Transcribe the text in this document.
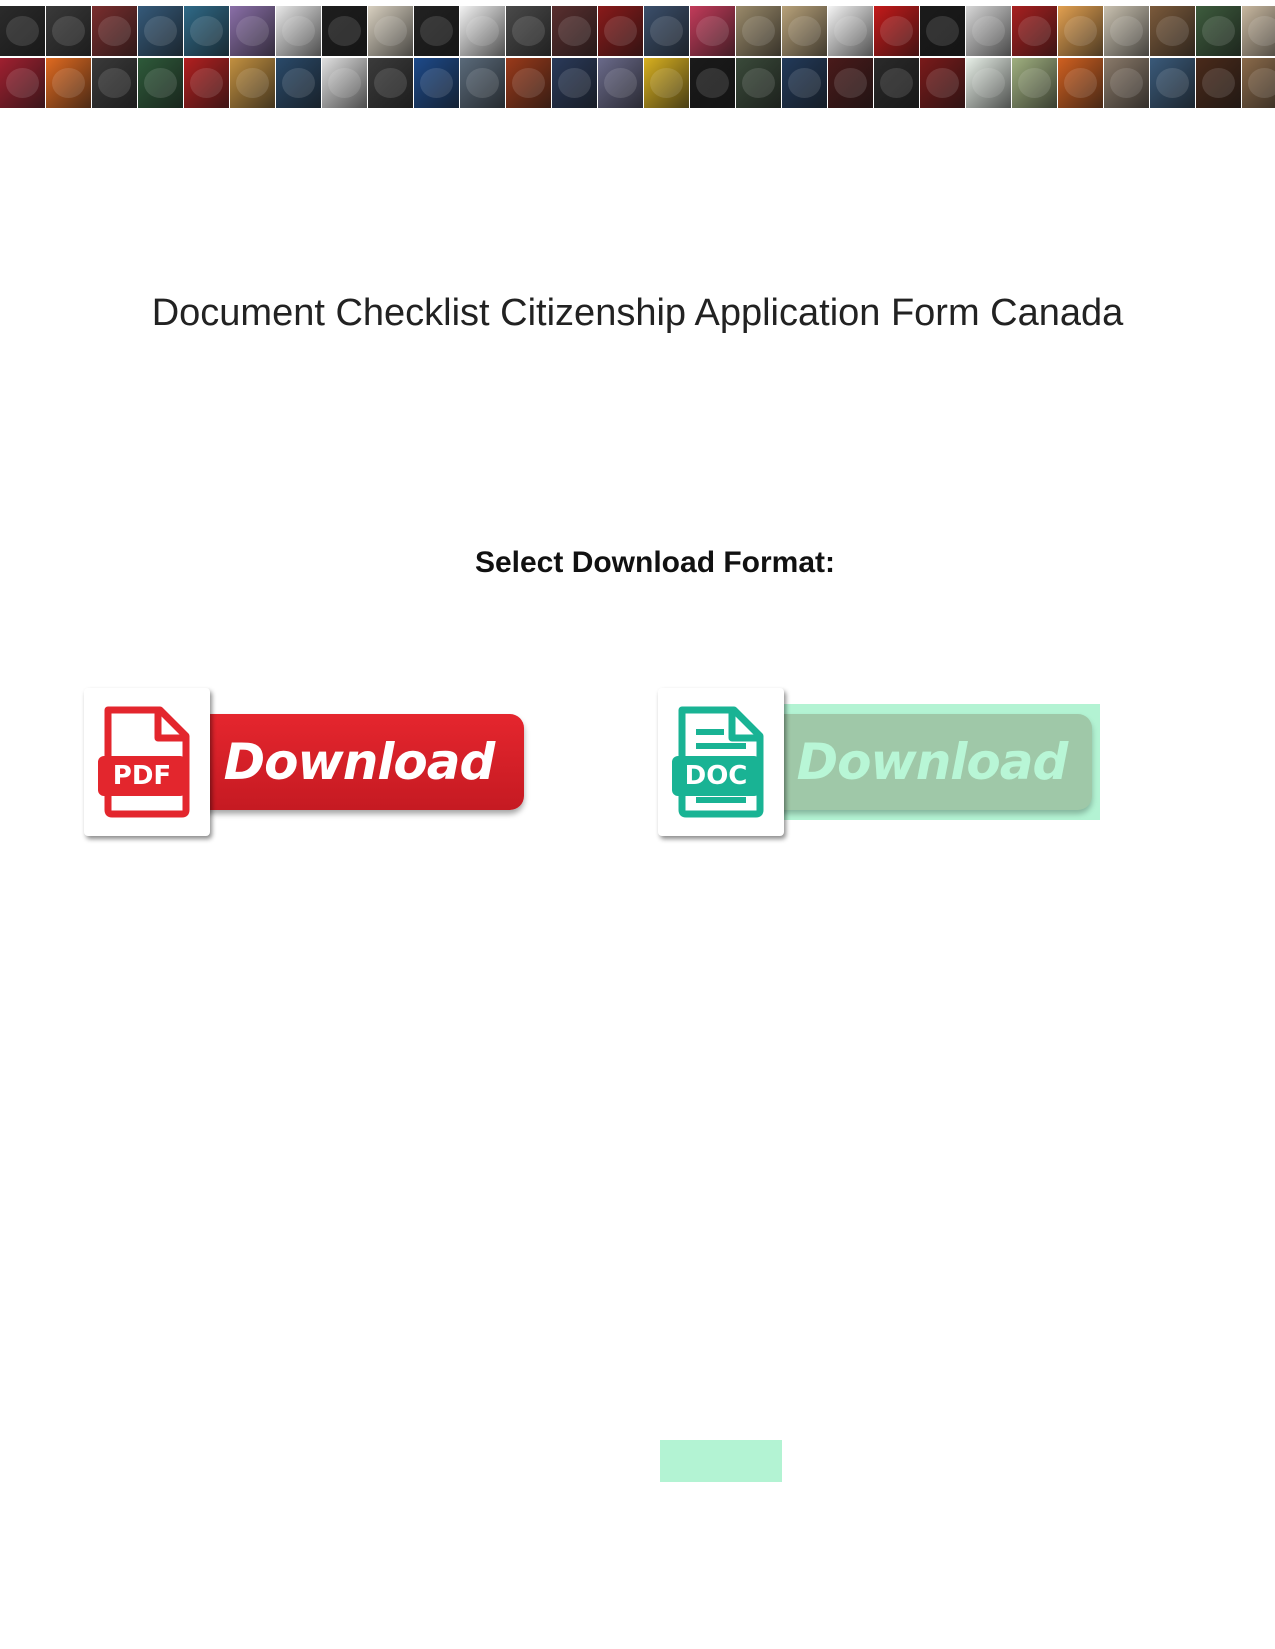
Document Checklist Citizenship Application Form Canada
Select Download Format:
Download
PDF	Download
DOC
